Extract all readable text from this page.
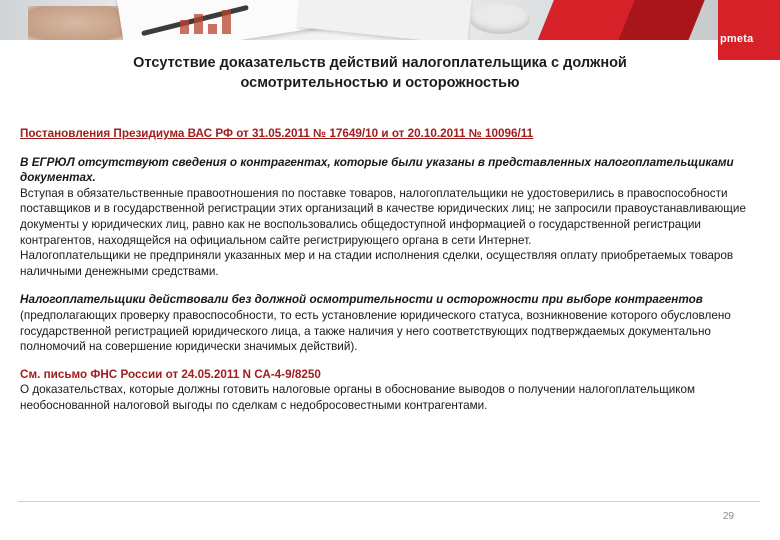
pmeta
Отсутствие доказательств действий налогоплательщика с должной
осмотрительностью и осторожностью

Постановления Президиума ВАС РФ от 31.05.2011 № 17649/10 и от 20.10.2011 № 10096/11

В ЕГРЮЛ отсутствуют сведения о контрагентах, которые были указаны в представленных налогоплательщиками документах.

Вступая в обязательственные правоотношения по поставке товаров, налогоплательщики не удостоверились в правоспособности поставщиков и в государственной регистрации этих организаций в качестве юридических лиц; не запросили правоустанавливающие документы у юридических лиц, равно как не воспользовались общедоступной информацией о государственной регистрации контрагентов, находящейся на официальном сайте регистрирующего органа в сети Интернет.

Налогоплательщики не предприняли указанных мер и на стадии исполнения сделки, осуществляя оплату приобретаемых товаров наличными денежными средствами.

Налогоплательщики действовали без должной осмотрительности и осторожности при выборе контрагентов (предполагающих проверку правоспособности, то есть установление юридического статуса, возникновение которого обусловлено государственной регистрацией юридического лица, а также наличия у него соответствующих подтверждаемых документально полномочий на совершение юридически значимых действий).

См. письмо ФНС России от 24.05.2011 N СА-4-9/8250

О доказательствах, которые должны готовить налоговые органы в обоснование выводов о получении налогоплательщиком необоснованной налоговой выгоды по сделкам с недобросовестными контрагентами.

29
